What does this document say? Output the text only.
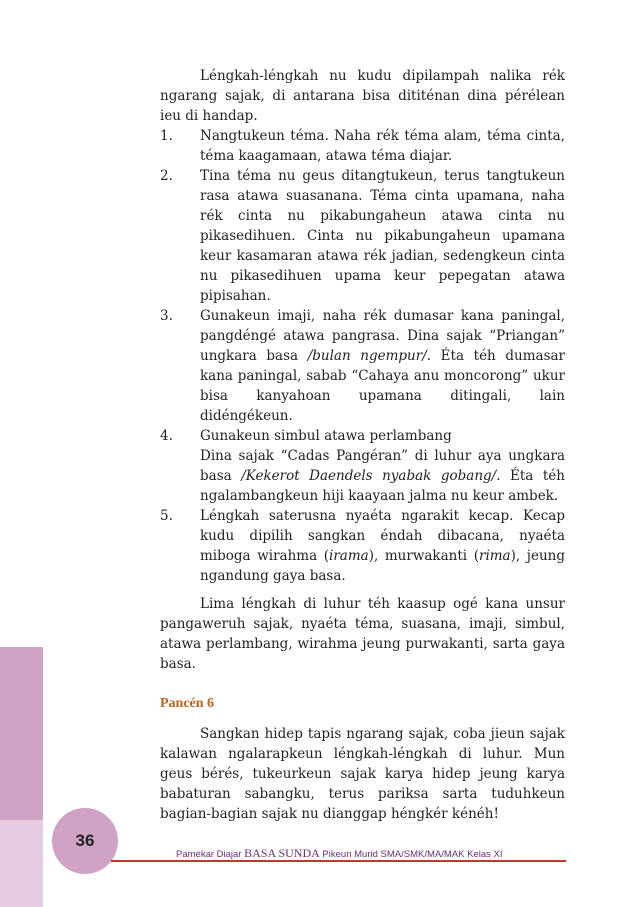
Léngkah-léngkah nu kudu dipilampah nalika rék ngarang sajak, di antarana bisa dititénan dina pérélean ieu di handap.

1. Nangtukeun téma. Naha rék téma alam, téma cinta, téma kaagamaan, atawa téma diajar.
2. Tina téma nu geus ditangtukeun, terus tangtukeun rasa atawa suasanana. Téma cinta upamana, naha rék cinta nu pikabungaheun atawa cinta nu pikasedihuen. Cinta nu pikabungaheun upamana keur kasamaran atawa rék jadian, sedengkeun cinta nu pikasedihuen upama keur pepegatan atawa pipisahan.
3. Gunakeun imaji, naha rék dumasar kana paningal, pangdéngé atawa pangrasa. Dina sajak “Priangan” ungkara basa /bulan ngempur/. Éta téh dumasar kana paningal, sabab “Cahaya anu moncorong” ukur bisa kanyahoan upamana ditingali, lain didéngékeun.
4. Gunakeun simbul atawa perlambang
Dina sajak “Cadas Pangéran” di luhur aya ungkara basa /Kekerot Daendels nyabak gobang/. Éta téh ngalambangkeun hiji kaayaan jalma nu keur ambek.
5. Léngkah saterusna nyaéta ngarakit kecap. Kecap kudu dipilih sangkan éndah dibacana, nyaéta miboga wirahma (irama), murwakanti (rima), jeung ngandung gaya basa.

Lima léngkah di luhur téh kaasup ogé kana unsur pangaweruh sajak, nyaéta téma, suasana, imaji, simbul, atawa perlambang, wirahma jeung purwakanti, sarta gaya basa.

Pancén 6

Sangkan hidep tapis ngarang sajak, coba jieun sajak kalawan ngalarapkeun léngkah-léngkah di luhur. Mun geus bérés, tukeurkeun sajak karya hidep jeung karya babaturan sabangku, terus pariksa sarta tuduhkeun bagian-bagian sajak nu dianggap héngkér kénéh!

36
Pamekar Diajar BASA SUNDA Pikeun Murid SMA/SMK/MA/MAK Kelas XI
